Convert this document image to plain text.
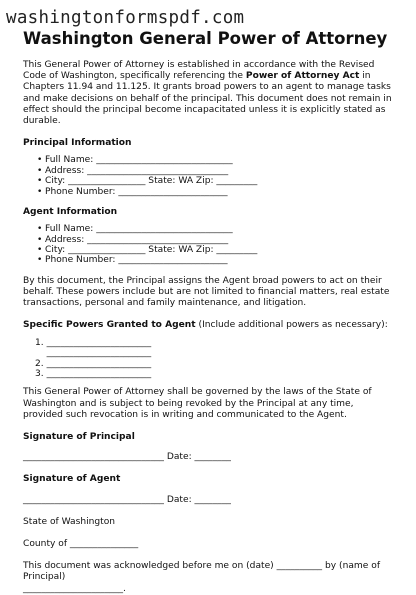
washingtonformspdf.com
Washington General Power of Attorney

This General Power of Attorney is established in accordance with the Revised Code of Washington, specifically referencing the Power of Attorney Act in Chapters 11.94 and 11.125. It grants broad powers to an agent to manage tasks and make decisions on behalf of the principal. This document does not remain in effect should the principal become incapacitated unless it is explicitly stated as durable.

Principal Information

• Full Name: ______________________________
• Address: _______________________________
• City: _________________ State: WA Zip: _________
• Phone Number: ________________________

Agent Information

• Full Name: ______________________________
• Address: _______________________________
• City: _________________ State: WA Zip: _________
• Phone Number: ________________________

By this document, the Principal assigns the Agent broad powers to act on their behalf. These powers include but are not limited to financial matters, real estate transactions, personal and family maintenance, and litigation.

Specific Powers Granted to Agent (Include additional powers as necessary):

1. _______________________
_______________________
2. _______________________
3. _______________________

This General Power of Attorney shall be governed by the laws of the State of Washington and is subject to being revoked by the Principal at any time, provided such revocation is in writing and communicated to the Agent.

Signature of Principal

_______________________________ Date: ________

Signature of Agent

_______________________________ Date: ________

State of Washington

County of _______________

This document was acknowledged before me on (date) __________ by (name of Principal)

______________________.
